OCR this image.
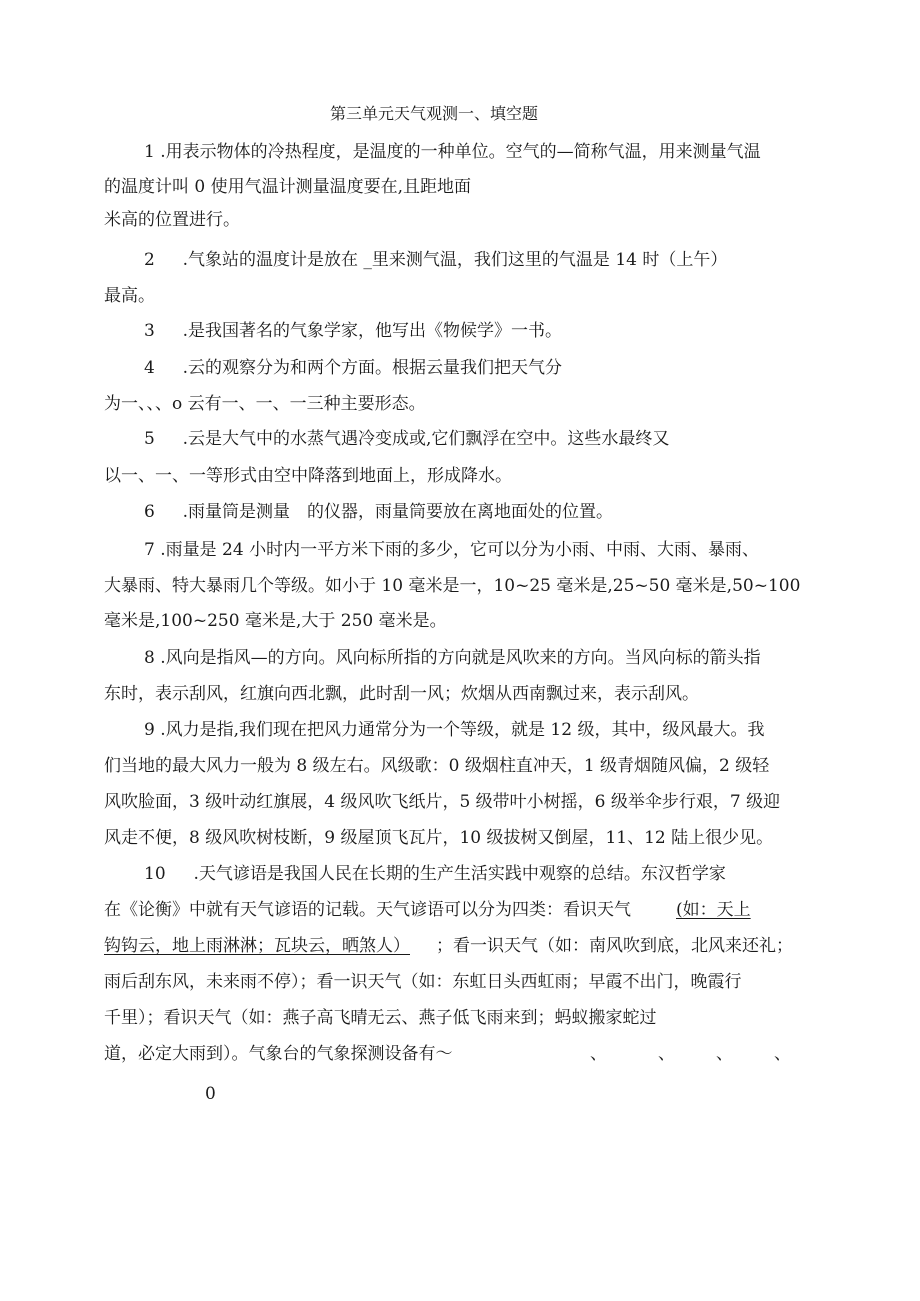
第三单元天气观测一、填空题
1 .用表示物体的冷热程度，是温度的一种单位。空气的—简称气温，用来测量气温
的温度计叫 0 使用气温计测量温度要在,且距地面
米高的位置进行。
2 　 .气象站的温度计是放在 _里来测气温，我们这里的气温是 14 时（上午）
最高。
3 　 .是我国著名的气象学家，他写出《物候学》一书。
4 　 .云的观察分为和两个方面。根据云量我们把天气分
为一、、、o 云有一、一、一三种主要形态。
5 　 .云是大气中的水蒸气遇冷变成或,它们飘浮在空中。这些水最终又
以一、一、一等形式由空中降落到地面上，形成降水。
6 　 .雨量筒是测量　的仪器，雨量筒要放在离地面处的位置。
7 .雨量是 24 小时内一平方米下雨的多少，它可以分为小雨、中雨、大雨、暴雨、
大暴雨、特大暴雨几个等级。如小于 10 毫米是一，10~25 毫米是,25~50 毫米是,50~100
毫米是,100~250 毫米是,大于 250 毫米是。
8 .风向是指风—的方向。风向标所指的方向就是风吹来的方向。当风向标的箭头指
东时，表示刮风，红旗向西北飘，此时刮一风；炊烟从西南飘过来，表示刮风。
9 .风力是指,我们现在把风力通常分为一个等级，就是 12 级，其中，级风最大。我
们当地的最大风力一般为 8 级左右。风级歌：0 级烟柱直冲天，1 级青烟随风偏，2 级轻
风吹脸面，3 级叶动红旗展，4 级风吹飞纸片，5 级带叶小树摇，6 级举伞步行艰，7 级迎
风走不便，8 级风吹树枝断，9 级屋顶飞瓦片，10 级拔树又倒屋，11、12 陆上很少见。
10 　 .天气谚语是我国人民在长期的生产生活实践中观察的总结。东汉哲学家
在《论衡》中就有天气谚语的记载。天气谚语可以分为四类：看识天气	(如：天上
钩钩云，地上雨淋淋；瓦块云，晒煞人） ；看一识天气（如：南风吹到底，北风来还礼；
雨后刮东风，未来雨不停）；看一识天气（如：东虹日头西虹雨；早霞不出门，晚霞行
千里）；看识天气（如：燕子高飞晴无云、燕子低飞雨来到；蚂蚁搬家蛇过
道，必定大雨到）。气象台的气象探测设备有～	、	、 、 、
0
